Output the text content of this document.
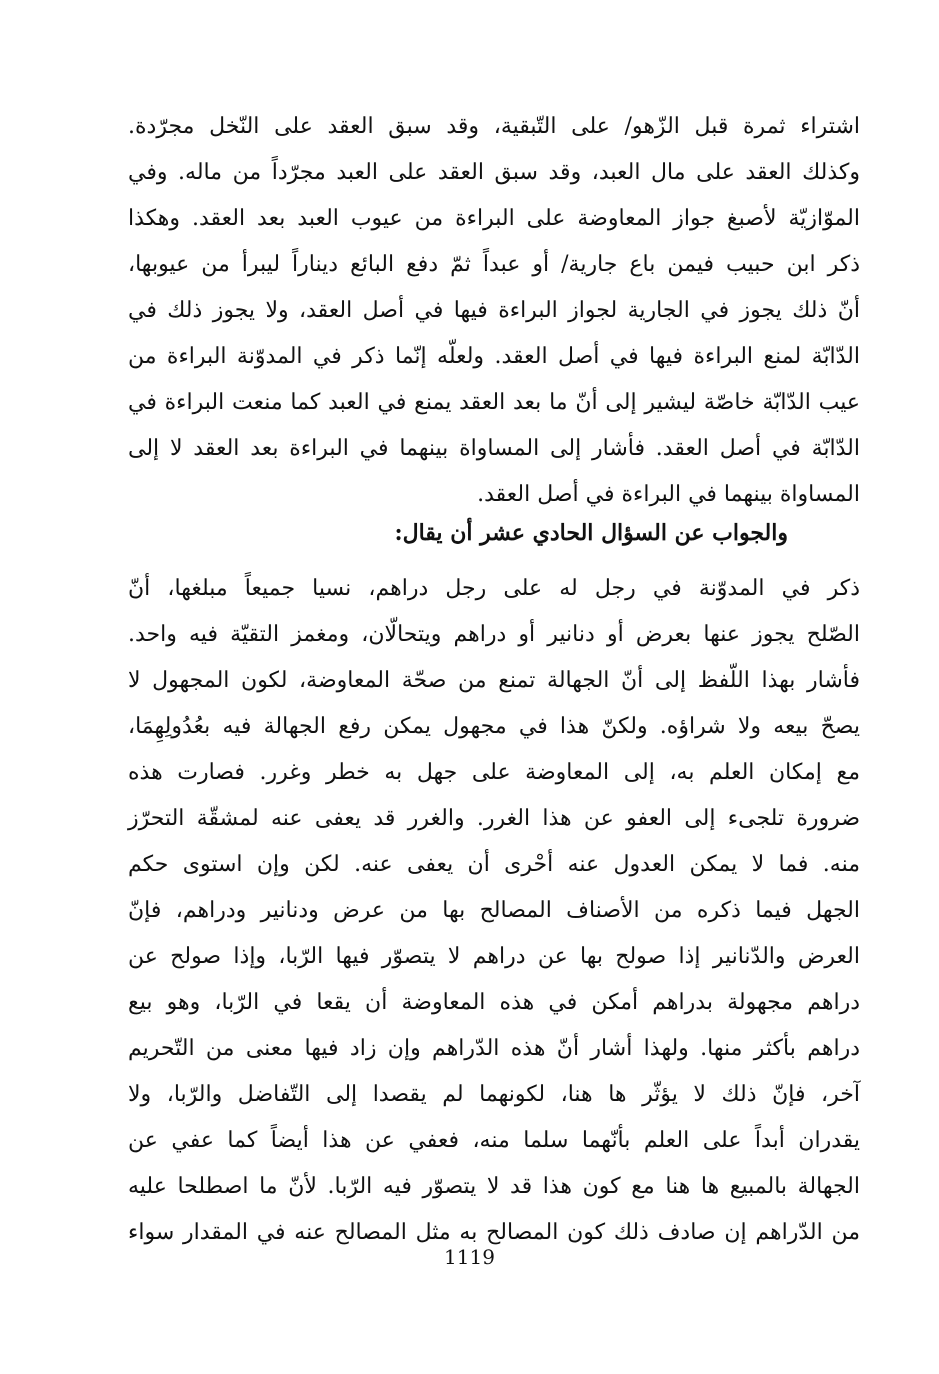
اشتراء ثمرة قبل الزّهو/ على التّبقية، وقد سبق العقد على النّخل مجرّدة.
وكذلك العقد على مال العبد، وقد سبق العقد على العبد مجرّداً من ماله. وفي
الموّازيّة لأصبغ جواز المعاوضة على البراءة من عيوب العبد بعد العقد. وهكذا
ذكر ابن حبيب فيمن باع جارية/ أو عبداً ثمّ دفع البائع ديناراً ليبرأ من عيوبها،
أنّ ذلك يجوز في الجارية لجواز البراءة فيها في أصل العقد، ولا يجوز ذلك في
الدّابّة لمنع البراءة فيها في أصل العقد. ولعلّه إنّما ذكر في المدوّنة البراءة من
عيب الدّابّة خاصّة ليشير إلى أنّ ما بعد العقد يمنع في العبد كما منعت البراءة في
الدّابّة في أصل العقد. فأشار إلى المساواة بينهما في البراءة بعد العقد لا إلى
المساواة بينهما في البراءة في أصل العقد.
والجواب عن السؤال الحادي عشر أن يقال:
ذكر في المدوّنة في رجل له على رجل دراهم، نسيا جميعاً مبلغها، أنّ
الصّلح يجوز عنها بعرض أو دنانير أو دراهم ويتحالّان، ومغمز التقيّة فيه واحد.
فأشار بهذا اللّفظ إلى أنّ الجهالة تمنع من صحّة المعاوضة، لكون المجهول لا
يصحّ بيعه ولا شراؤه. ولكنّ هذا في مجهول يمكن رفع الجهالة فيه بعُدُولِهِمَا،
مع إمكان العلم به، إلى المعاوضة على جهل به خطر وغرر. فصارت هذه
ضرورة تلجىء إلى العفو عن هذا الغرر. والغرر قد يعفى عنه لمشقّة التحرّز
منه. فما لا يمكن العدول عنه أحْرى أن يعفى عنه. لكن وإن استوى حكم
الجهل فيما ذكره من الأصناف المصالح بها من عرض ودنانير ودراهم، فإنّ
العرض والدّنانير إذا صولح بها عن دراهم لا يتصوّر فيها الرّبا، وإذا صولح عن
دراهم مجهولة بدراهم أمكن في هذه المعاوضة أن يقعا في الرّبا، وهو بيع
دراهم بأكثر منها. ولهذا أشار أنّ هذه الدّراهم وإن زاد فيها معنى من التّحريم
آخر، فإنّ ذلك لا يؤثّر ها هنا، لكونهما لم يقصدا إلى التّفاضل والرّبا، ولا
يقدران أبداً على العلم بأنّهما سلما منه، فعفي عن هذا أيضاً كما عفي عن
الجهالة بالمبيع ها هنا مع كون هذا قد لا يتصوّر فيه الرّبا. لأنّ ما اصطلحا عليه
من الدّراهم إن صادف ذلك كون المصالح به مثل المصالح عنه في المقدار سواء
1119
